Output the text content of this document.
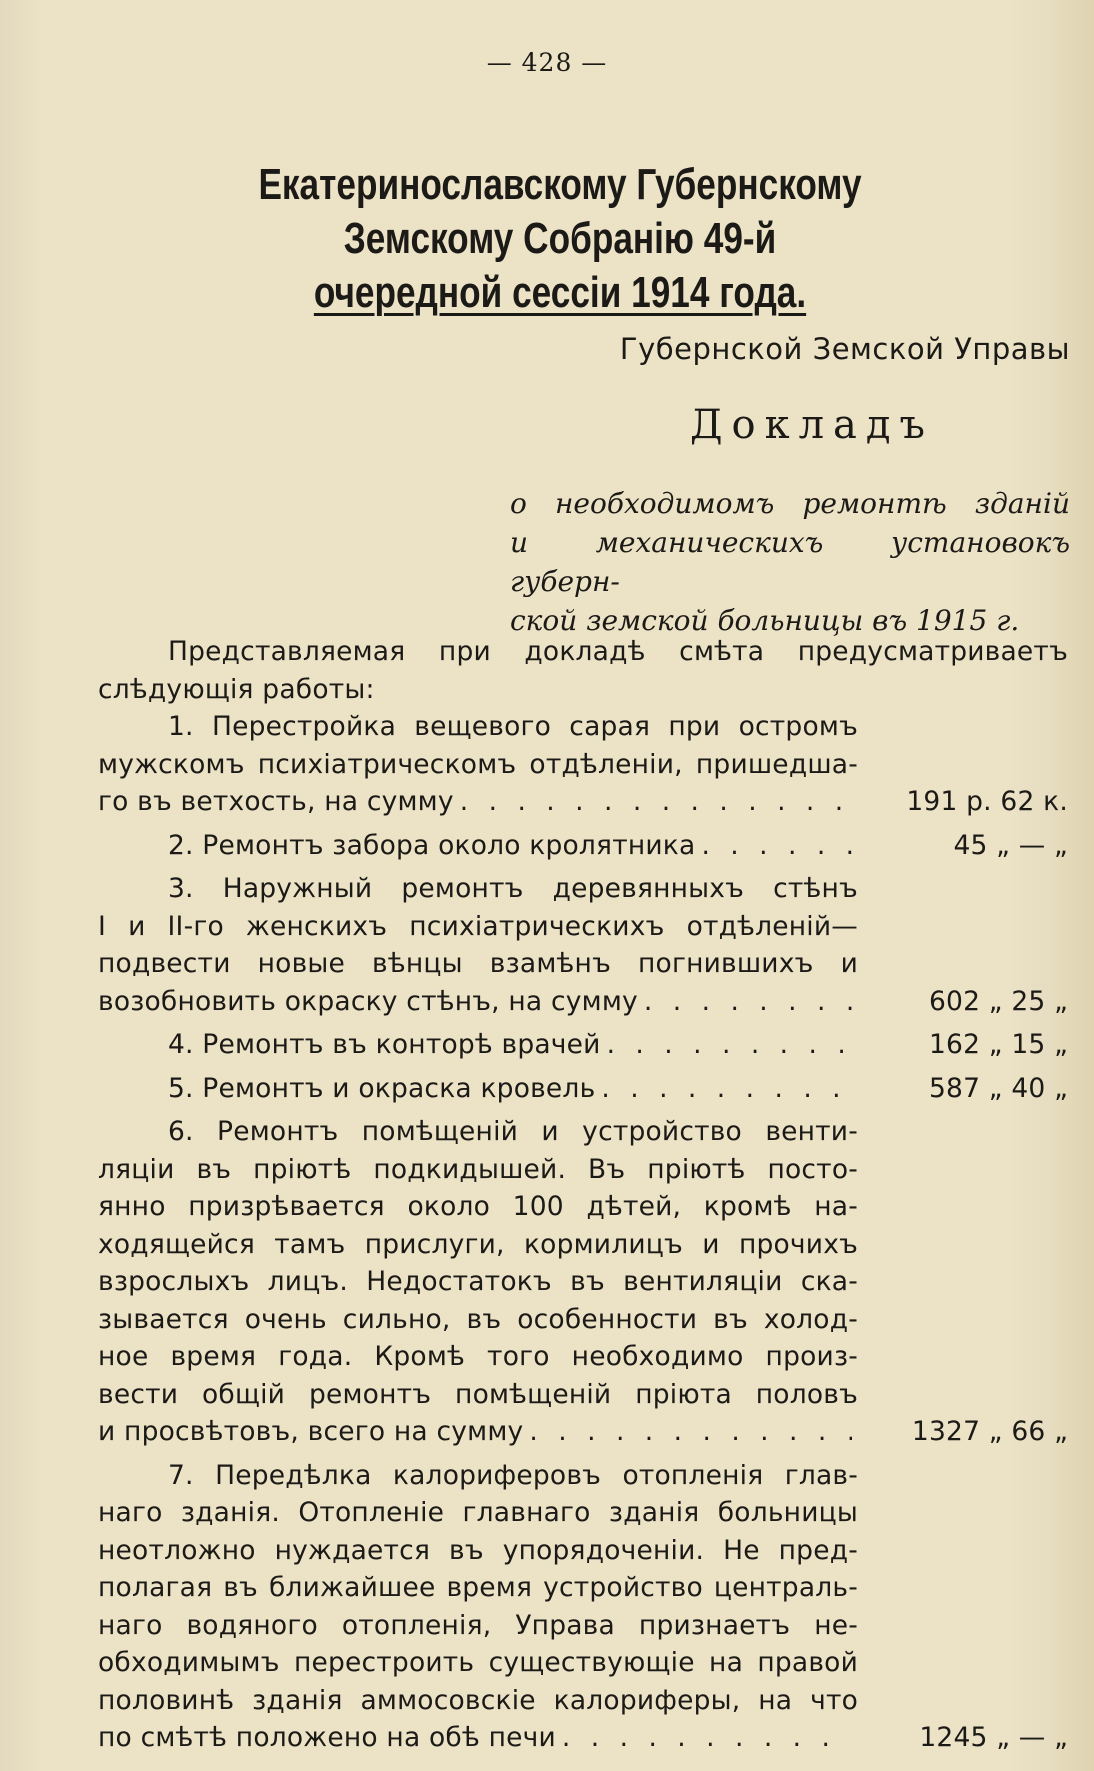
— 428 —
Екатеринославскому Губернскому Земскому Собранію 49-й
очередной сессіи 1914 года.
Губернской Земской Управы
Докладъ
о необходимомъ ремонтѣ зданій
и механическихъ установокъ губерн-
ской земской больницы въ 1915 г.
Представляемая при докладѣ смѣта предусматриваетъ
слѣдующія работы:
1. Перестройка вещевого сарая при остромъ
мужскомъ психіатрическомъ отдѣленіи, пришедша-
го въ ветхость, на сумму . . .	191 р. 62 к.
2. Ремонтъ забора около кролятника . . .	45 „ — „
3. Наружный ремонтъ деревянныхъ стѣнъ
I и II-го женскихъ психіатрическихъ отдѣленій—
подвести новые вѣнцы взамѣнъ погнившихъ и
возобновить окраску стѣнъ, на сумму . . .	602 „ 25 „
4. Ремонтъ въ конторѣ врачей . . .	162 „ 15 „
5. Ремонтъ и окраска кровель . . .	587 „ 40 „
6. Ремонтъ помѣщеній и устройство венти-
ляціи въ пріютѣ подкидышей. Въ пріютѣ посто-
янно призрѣвается около 100 дѣтей, кромѣ на-
ходящейся тамъ прислуги, кормилицъ и прочихъ
взрослыхъ лицъ. Недостатокъ въ вентиляціи ска-
зывается очень сильно, въ особенности въ холод-
ное время года. Кромѣ того необходимо произ-
вести общій ремонтъ помѣщеній пріюта половъ
и просвѣтовъ, всего на сумму . . .	1327 „ 66 „
7. Передѣлка калориферовъ отопленія глав-
наго зданія. Отопленіе главнаго зданія больницы
неотложно нуждается въ упорядоченіи. Не пред-
полагая въ ближайшее время устройство централь-
наго водяного отопленія, Управа признаетъ не-
обходимымъ перестроить существующіе на правой
половинѣ зданія аммосовскіе калориферы, на что
по смѣтѣ положено на обѣ печи . . .	1245 „ — „
